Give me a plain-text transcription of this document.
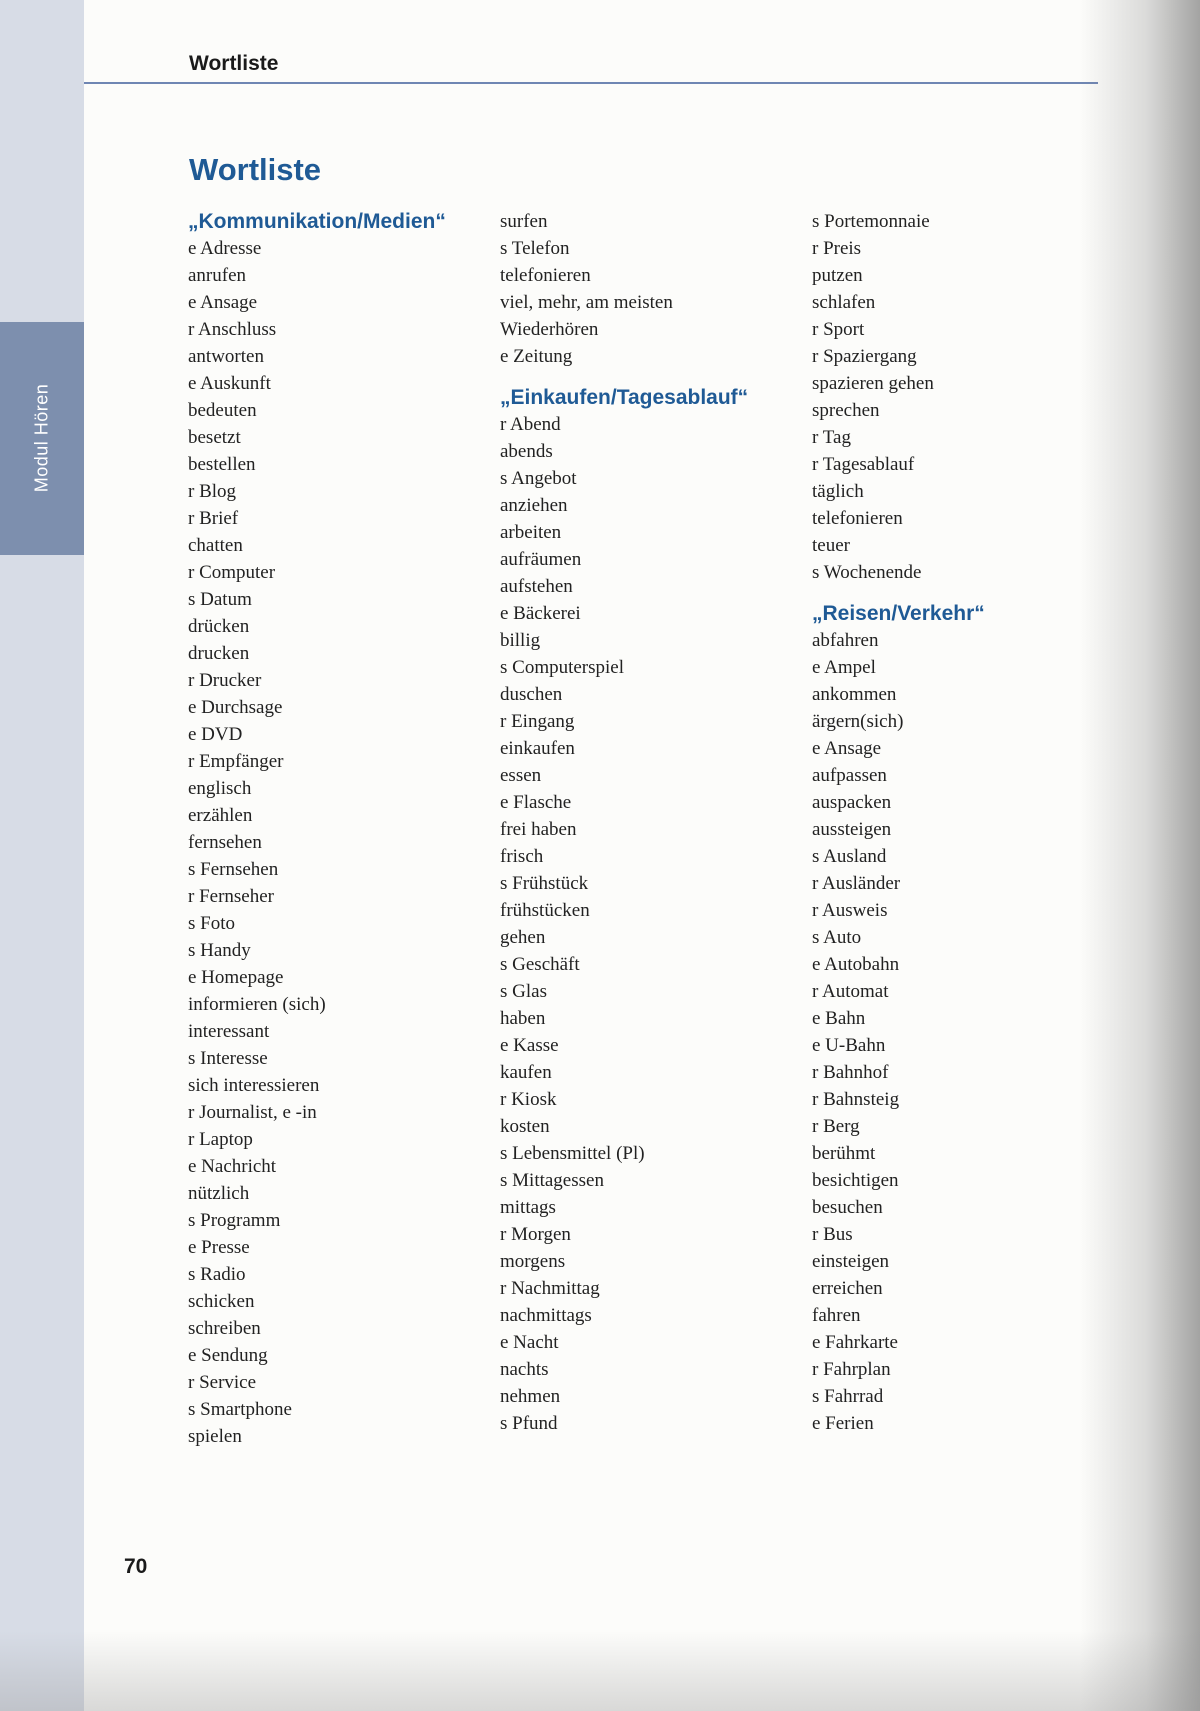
Modul Hören
Wortliste
Wortliste
„Kommunikation/Medien“
e Adresse
anrufen
e Ansage
r Anschluss
antworten
e Auskunft
bedeuten
besetzt
bestellen
r Blog
r Brief
chatten
r Computer
s Datum
drücken
drucken
r Drucker
e Durchsage
e DVD
r Empfänger
englisch
erzählen
fernsehen
s Fernsehen
r Fernseher
s Foto
s Handy
e Homepage
informieren (sich)
interessant
s Interesse
sich interessieren
r Journalist, e -in
r Laptop
e Nachricht
nützlich
s Programm
e Presse
s Radio
schicken
schreiben
e Sendung
r Service
s Smartphone
spielen
surfen
s Telefon
telefonieren
viel, mehr, am meisten
Wiederhören
e Zeitung
„Einkaufen/Tagesablauf“
r Abend
abends
s Angebot
anziehen
arbeiten
aufräumen
aufstehen
e Bäckerei
billig
s Computerspiel
duschen
r Eingang
einkaufen
essen
e Flasche
frei haben
frisch
s Frühstück
frühstücken
gehen
s Geschäft
s Glas
haben
e Kasse
kaufen
r Kiosk
kosten
s Lebensmittel (Pl)
s Mittagessen
mittags
r Morgen
morgens
r Nachmittag
nachmittags
e Nacht
nachts
nehmen
s Pfund
s Portemonnaie
r Preis
putzen
schlafen
r Sport
r Spaziergang
spazieren gehen
sprechen
r Tag
r Tagesablauf
täglich
telefonieren
teuer
s Wochenende
„Reisen/Verkehr“
abfahren
e Ampel
ankommen
ärgern(sich)
e Ansage
aufpassen
auspacken
aussteigen
s Ausland
r Ausländer
r Ausweis
s Auto
e Autobahn
r Automat
e Bahn
e U-Bahn
r Bahnhof
r Bahnsteig
r Berg
berühmt
besichtigen
besuchen
r Bus
einsteigen
erreichen
fahren
e Fahrkarte
r Fahrplan
s Fahrrad
e Ferien
70
